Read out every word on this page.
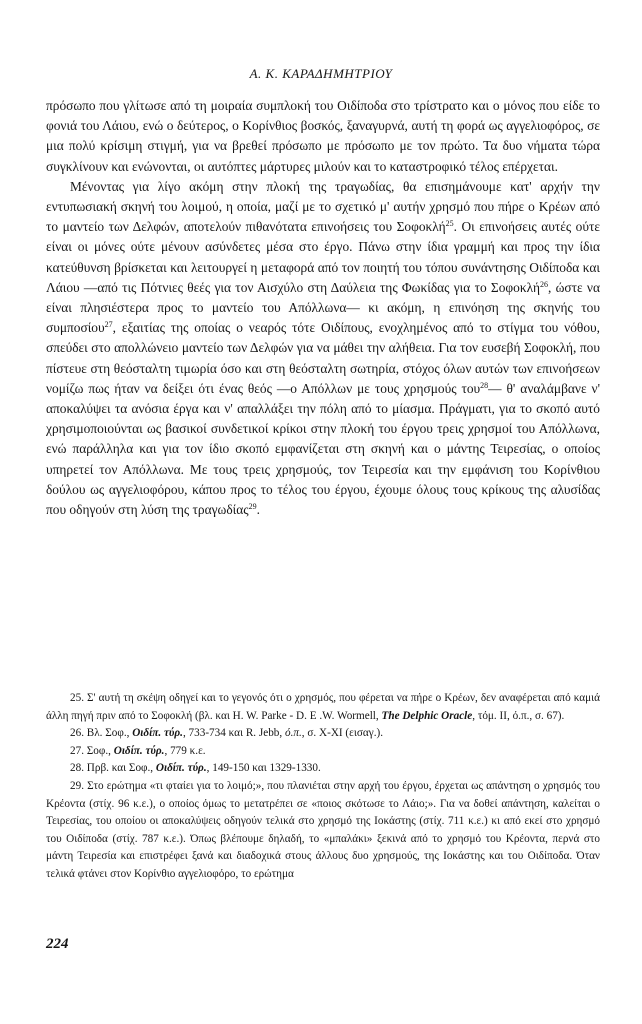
Α. Κ. ΚΑΡΑΔΗΜΗΤΡΙΟΥ

πρόσωπο που γλίτωσε από τη μοιραία συμπλοκή του Οιδίποδα στο τρίστρατο και ο μόνος που είδε το φονιά του Λάιου, ενώ ο δεύτερος, ο Κορίνθιος βοσκός, ξαναγυρνά, αυτή τη φορά ως αγγελιοφόρος, σε μια πολύ κρίσιμη στιγμή, για να βρεθεί πρόσωπο με πρόσωπο με τον πρώτο. Τα δυο νήματα τώρα συγκλίνουν και ενώνονται, οι αυτόπτες μάρτυρες μιλούν και το καταστροφικό τέλος επέρχεται.

Μένοντας για λίγο ακόμη στην πλοκή της τραγωδίας, θα επισημάνουμε κατ' αρχήν την εντυπωσιακή σκηνή του λοιμού, η οποία, μαζί με το σχετικό μ' αυτήν χρησμό που πήρε ο Κρέων από το μαντείο των Δελφών, αποτελούν πιθανότατα επινοήσεις του Σοφοκλή$^{25}$. Οι επινοήσεις αυτές ούτε είναι οι μόνες ούτε μένουν ασύνδετες μέσα στο έργο. Πάνω στην ίδια γραμμή και προς την ίδια κατεύθυνση βρίσκεται και λειτουργεί η μεταφορά από τον ποιητή του τόπου συνάντησης Οιδίποδα και Λάιου —από τις Πότνιες θεές για τον Αισχύλο στη Δαύλεια της Φωκίδας για το Σοφοκλή$^{26}$, ώστε να είναι πλησιέστερα προς το μαντείο του Απόλλωνα— κι ακόμη, η επινόηση της σκηνής του συμποσίου$^{27}$, εξαιτίας της οποίας ο νεαρός τότε Οιδίπους, ενοχλημένος από το στίγμα του νόθου, σπεύδει στο απολλώνειο μαντείο των Δελφών για να μάθει την αλήθεια. Για τον ευσεβή Σοφοκλή, που πίστευε στη θεόσταλτη τιμωρία όσο και στη θεόσταλτη σωτηρία, στόχος όλων αυτών των επινοήσεων νομίζω πως ήταν να δείξει ότι ένας θεός —ο Απόλλων με τους χρησμούς του$^{28}$— θ' αναλάμβανε ν' αποκαλύψει τα ανόσια έργα και ν' απαλλάξει την πόλη από το μίασμα. Πράγματι, για το σκοπό αυτό χρησιμοποιούνται ως βασικοί συνδετικοί κρίκοι στην πλοκή του έργου τρεις χρησμοί του Απόλλωνα, ενώ παράλληλα και για τον ίδιο σκοπό εμφανίζεται στη σκηνή και ο μάντης Τειρεσίας, ο οποίος υπηρετεί τον Απόλλωνα. Με τους τρεις χρησμούς, τον Τειρεσία και την εμφάνιση του Κορίνθιου δούλου ως αγγελιοφόρου, κάπου προς το τέλος του έργου, έχουμε όλους τους κρίκους της αλυσίδας που οδηγούν στη λύση της τραγωδίας$^{29}$.

25. Σ' αυτή τη σκέψη οδηγεί και το γεγονός ότι ο χρησμός, που φέρεται να πήρε ο Κρέων, δεν αναφέρεται από καμιά άλλη πηγή πριν από το Σοφοκλή (βλ. και H. W. Parke - D. E .W. Wormell, The Delphic Oracle, τόμ. ΙΙ, ό.π., σ. 67).

26. Βλ. Σοφ., Οιδίπ. τύρ., 733-734 και R. Jebb, ό.π., σ. X-XI (εισαγ.).

27. Σοφ., Οιδίπ. τύρ., 779 κ.ε.

28. Πρβ. και Σοφ., Οιδίπ. τύρ., 149-150 και 1329-1330.

29. Στο ερώτημα «τι φταίει για το λοιμό;», που πλανιέται στην αρχή του έργου, έρχεται ως απάντηση ο χρησμός του Κρέοντα (στίχ. 96 κ.ε.), ο οποίος όμως το μετατρέπει σε «ποιος σκότωσε το Λάιο;». Για να δοθεί απάντηση, καλείται ο Τειρεσίας, του οποίου οι αποκαλύψεις οδηγούν τελικά στο χρησμό της Ιοκάστης (στίχ. 711 κ.ε.) κι από εκεί στο χρησμό του Οιδίποδα (στίχ. 787 κ.ε.). Όπως βλέπουμε δηλαδή, το «μπαλάκι» ξεκινά από το χρησμό του Κρέοντα, περνά στο μάντη Τειρεσία και επιστρέφει ξανά και διαδοχικά στους άλλους δυο χρησμούς, της Ιοκάστης και του Οιδίποδα. Όταν τελικά φτάνει στον Κορίνθιο αγγελιοφόρο, το ερώτημα

224
